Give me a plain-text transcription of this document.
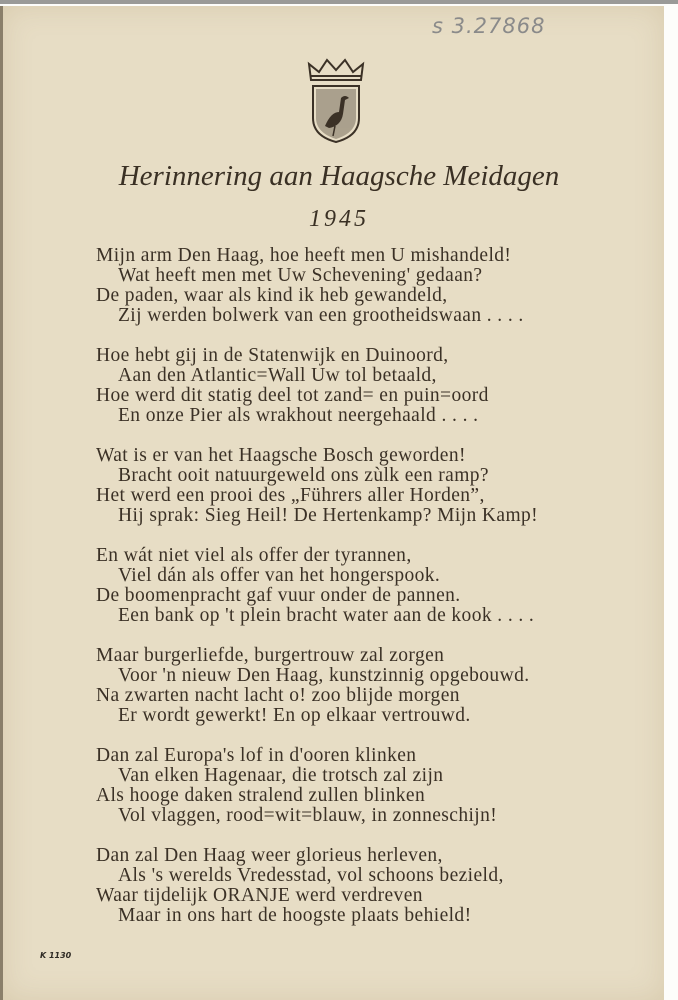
s 3.27868
Herinnering aan Haagsche Meidagen
1945
Mijn arm Den Haag, hoe heeft men U mishandeld!
Wat heeft men met Uw Schevening' gedaan?
De paden, waar als kind ik heb gewandeld,
Zij werden bolwerk van een grootheidswaan . . . .
Hoe hebt gij in de Statenwijk en Duinoord,
Aan den Atlantic=Wall Uw tol betaald,
Hoe werd dit statig deel tot zand= en puin=oord
En onze Pier als wrakhout neergehaald . . . .
Wat is er van het Haagsche Bosch geworden!
Bracht ooit natuurgeweld ons zùlk een ramp?
Het werd een prooi des „Führers aller Horden”,
Hij sprak: Sieg Heil! De Hertenkamp? Mijn Kamp!
En wát niet viel als offer der tyrannen,
Viel dán als offer van het hongerspook.
De boomenpracht gaf vuur onder de pannen.
Een bank op 't plein bracht water aan de kook . . . .
Maar burgerliefde, burgertrouw zal zorgen
Voor 'n nieuw Den Haag, kunstzinnig opgebouwd.
Na zwarten nacht lacht o! zoo blijde morgen
Er wordt gewerkt! En op elkaar vertrouwd.
Dan zal Europa's lof in d'ooren klinken
Van elken Hagenaar, die trotsch zal zijn
Als hooge daken stralend zullen blinken
Vol vlaggen, rood=wit=blauw, in zonneschijn!
Dan zal Den Haag weer glorieus herleven,
Als 's werelds Vredesstad, vol schoons bezield,
Waar tijdelijk ORANJE werd verdreven
Maar in ons hart de hoogste plaats behield!
K 1130
